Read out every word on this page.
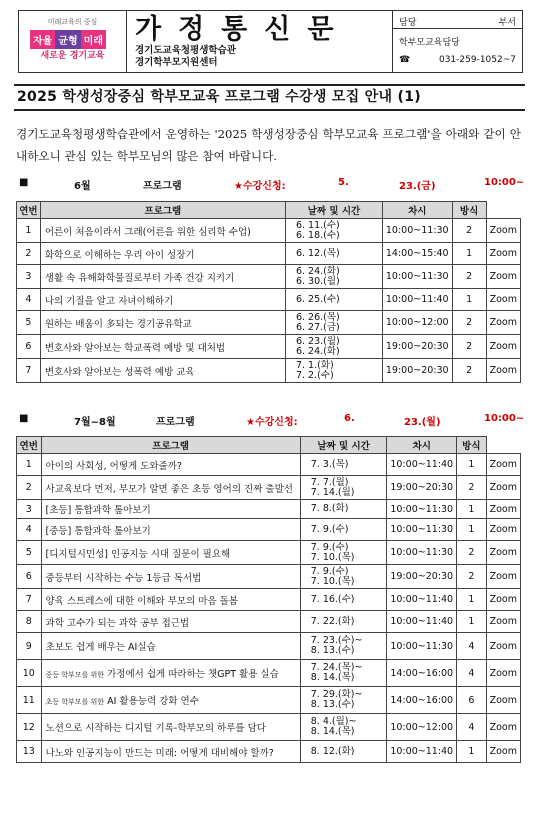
미래교육의 중심
자율 균형 미래
새로운 경기교육
가정통신문
경기도교육청평생학습관
경기학부모지원센터
담당	부서
학부모교육담당
☎	031-259-1052~7
2025 학생성장중심 학부모교육 프로그램 수강생 모집 안내 (1)
경기도교육청평생학습관에서 운영하는 '2025 학생성장중심 학부모교육 프로그램'을 아래와 같이 안내하오니 관심 있는 학부모님의 많은 참여 바랍니다.
■	6월	프로그램	★수강신청:	5.	23.(금)	10:00~
연번	프로그램	날짜 및 시간	차시	방식	
1	어른이 처음이라서 그래(어른을 위한 심리학 수업)	6. 11.(수)
6. 18.(수)	10:00~11:30	2	Zoom
2	화학으로 이해하는 우리 아이 성장기	6. 12.(목)	14:00~15:40	1	Zoom
3	생활 속 유해화학물질로부터 가족 건강 지키기	6. 24.(화)
6. 30.(월)	10:00~11:30	2	Zoom
4	나의 기질을 알고 자녀이해하기	6. 25.(수)	10:00~11:40	1	Zoom
5	원하는 배움이 多되는 경기공유학교	6. 26.(목)
6. 27.(금)	10:00~12:00	2	Zoom
6	변호사와 알아보는 학교폭력 예방 및 대처법	6. 23.(월)
6. 24.(화)	19:00~20:30	2	Zoom
7	변호사와 알아보는 성폭력 예방 교육	7. 1.(화)
7. 2.(수)	19:00~20:30	2	Zoom
■	7월~8월	프로그램	★수강신청:	6.	23.(월)	10:00~
연번	프로그램	날짜 및 시간	차시	방식	
1	아이의 사회성, 어떻게 도와줄까?	7. 3.(목)	10:00~11:40	1	Zoom
2	사교육보다 먼저, 부모가 알면 좋은 초등 영어의 진짜 출발선	7. 7.(월)
7. 14.(월)	19:00~20:30	2	Zoom
3	[초등] 통합과학 톺아보기	7. 8.(화)	10:00~11:30	1	Zoom
4	[중등] 통합과학 톺아보기	7. 9.(수)	10:00~11:30	1	Zoom
5	[디지털시민성] 인공지능 시대 질문이 필요해	7. 9.(수)
7. 10.(목)	10:00~11:30	2	Zoom
6	중등부터 시작하는 수능 1등급 독서법	7. 9.(수)
7. 10.(목)	19:00~20:30	2	Zoom
7	양육 스트레스에 대한 이해와 부모의 마음 돌봄	7. 16.(수)	10:00~11:40	1	Zoom
8	과학 고수가 되는 과학 공부 접근법	7. 22.(화)	10:00~11:40	1	Zoom
9	초보도 쉽게 배우는 AI실습	7. 23.(수)~
8. 13.(수)	10:00~11:30	4	Zoom
10	중등 학부모를 위한 가정에서 쉽게 따라하는 챗GPT 활용 실습	7. 24.(목)~
8. 14.(목)	14:00~16:00	4	Zoom
11	초등 학부모를 위한 AI 활용능력 강화 연수	7. 29.(화)~
8. 13.(수)	14:00~16:00	6	Zoom
12	노션으로 시작하는 디지털 기록-학부모의 하루를 담다	8. 4.(월)~
8. 14.(목)	10:00~12:00	4	Zoom
13	나노와 인공지능이 만드는 미래: 어떻게 대비해야 할까?	8. 12.(화)	10:00~11:40	1	Zoom
